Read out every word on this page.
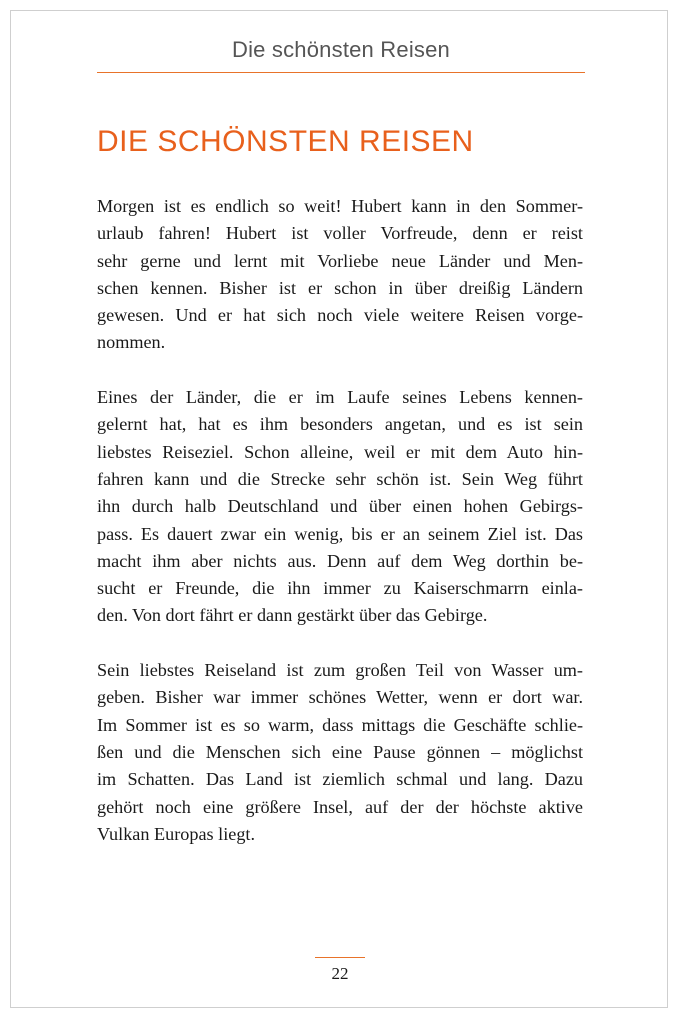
Die schönsten Reisen
DIE SCHÖNSTEN REISEN

Morgen ist es endlich so weit! Hubert kann in den Sommer-
urlaub fahren! Hubert ist voller Vorfreude, denn er reist
sehr gerne und lernt mit Vorliebe neue Länder und Men-
schen kennen. Bisher ist er schon in über dreißig Ländern
gewesen. Und er hat sich noch viele weitere Reisen vorge-
nommen.

Eines der Länder, die er im Laufe seines Lebens kennen-
gelernt hat, hat es ihm besonders angetan, und es ist sein
liebstes Reiseziel. Schon alleine, weil er mit dem Auto hin-
fahren kann und die Strecke sehr schön ist. Sein Weg führt
ihn durch halb Deutschland und über einen hohen Gebirgs-
pass. Es dauert zwar ein wenig, bis er an seinem Ziel ist. Das
macht ihm aber nichts aus. Denn auf dem Weg dorthin be-
sucht er Freunde, die ihn immer zu Kaiserschmarrn einla-
den. Von dort fährt er dann gestärkt über das Gebirge.

Sein liebstes Reiseland ist zum großen Teil von Wasser um-
geben. Bisher war immer schönes Wetter, wenn er dort war.
Im Sommer ist es so warm, dass mittags die Geschäfte schlie-
ßen und die Menschen sich eine Pause gönnen – möglichst
im Schatten. Das Land ist ziemlich schmal und lang. Dazu
gehört noch eine größere Insel, auf der der höchste aktive
Vulkan Europas liegt.

22
